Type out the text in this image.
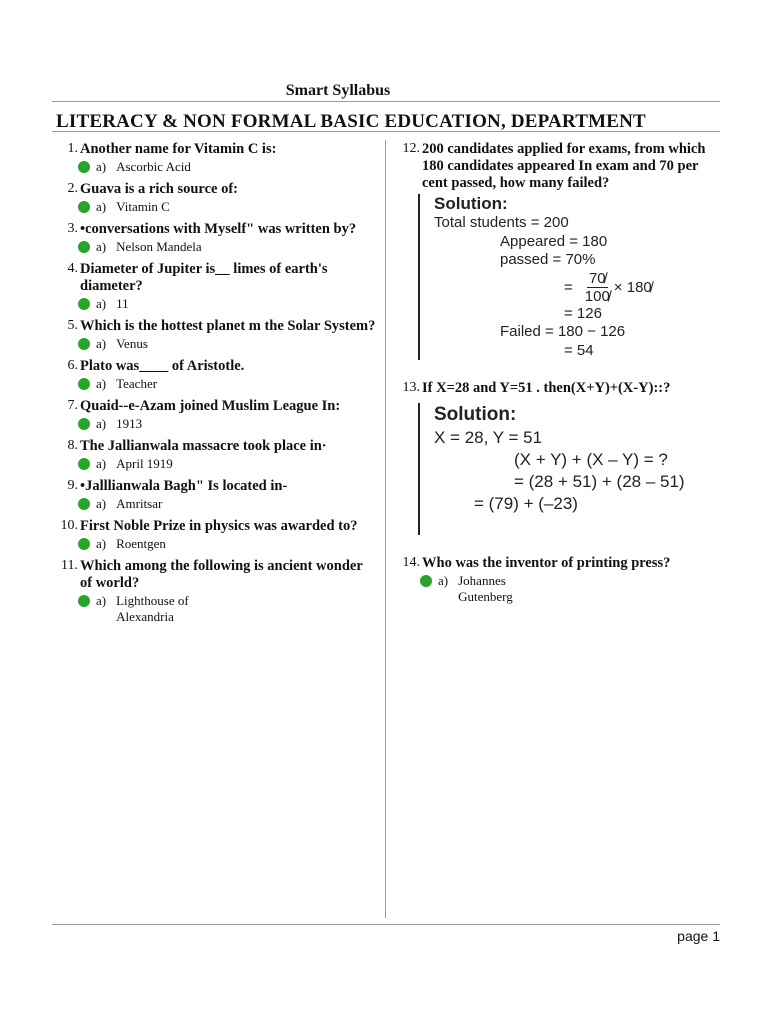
Smart Syllabus
LITERACY & NON FORMAL BASIC EDUCATION, DEPARTMENT
1. Another name for Vitamin C is:
a) Ascorbic Acid
2. Guava is a rich source of:
a) Vitamin C
3. •conversations with Myself" was written by?
a) Nelson Mandela
4. Diameter of Jupiter is__ limes of earth's diameter?
a) 11
5. Which is the hottest planet m the Solar System?
a) Venus
6. Plato was____ of Aristotle.
a) Teacher
7. Quaid--e-Azam joined Muslim League In:
a) 1913
8. The Jallianwala massacre took place in·
a) April 1919
9. •Jalllianwala Bagh" Is located in-
a) Amritsar
10. First Noble Prize in physics was awarded to?
a) Roentgen
11. Which among the following is ancient wonder of world?
a) Lighthouse of Alexandria
12. 200 candidates applied for exams, from which 180 candidates appeared In exam and 70 per cent passed, how many failed?
Solution:
Total students = 200
Appeared = 180
passed = 70%
= $\frac{70̸}{100̸}$ × 180̸
= 126
Failed = 180 − 126
= 54
13. If X=28 and Y=51 . then(X+Y)+(X-Y)::?
Solution:
X = 28, Y = 51
(X + Y) + (X – Y) = ?
= (28 + 51) + (28 – 51)
= (79) + (–23)
14. Who was the inventor of printing press?
a) Johannes Gutenberg
page 1
